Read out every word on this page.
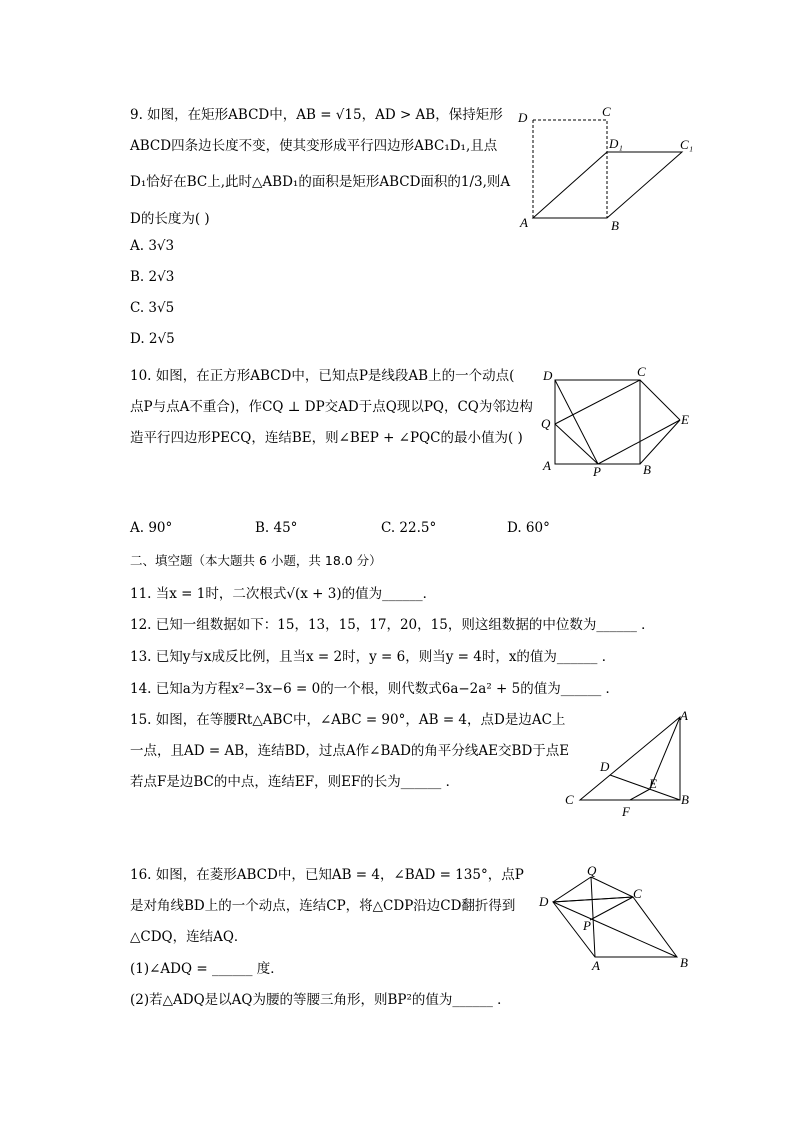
9. 如图，在矩形ABCD中，AB = √15，AD > AB，保持矩形
ABCD四条边长度不变，使其变形成平行四边形ABC₁D₁,且点
D₁恰好在BC上,此时△ABD₁的面积是矩形ABCD面积的1/3,则A
D的长度为( )
A. 3√3
B. 2√3
C. 3√5
D. 2√5
D	C
D₁	C₁
A	B
10. 如图，在正方形ABCD中，已知点P是线段AB上的一个动点(
点P与点A不重合)，作CQ ⊥ DP交AD于点Q现以PQ，CQ为邻边构
造平行四边形PECQ，连结BE，则∠BEP + ∠PQC的最小值为( )
D	C
Q	E
A	P	B
A. 90°	B. 45°	C. 22.5°	D. 60°
二、填空题（本大题共 6 小题，共 18.0 分）
11. 当x = 1时，二次根式√(x + 3)的值为______．
12. 已知一组数据如下：15，13，15，17，20，15，则这组数据的中位数为______ ．
13. 已知y与x成反比例，且当x = 2时，y = 6，则当y = 4时，x的值为______ ．
14. 已知a为方程x²−3x−6 = 0的一个根，则代数式6a−2a² + 5的值为______ ．
15. 如图，在等腰Rt△ABC中，∠ABC = 90°，AB = 4，点D是边AC上
一点，且AD = AB，连结BD，过点A作∠BAD的角平分线AE交BD于点E
若点F是边BC的中点，连结EF，则EF的长为______ ．
A
D
E
C
F
B
16. 如图，在菱形ABCD中，已知AB = 4，∠BAD = 135°，点P
是对角线BD上的一个动点，连结CP，将△CDP沿边CD翻折得到
△CDQ，连结AQ．
(1)∠ADQ = ______ 度．
(2)若△ADQ是以AQ为腰的等腰三角形，则BP²的值为______ ．
Q
D
C
P
A	B
